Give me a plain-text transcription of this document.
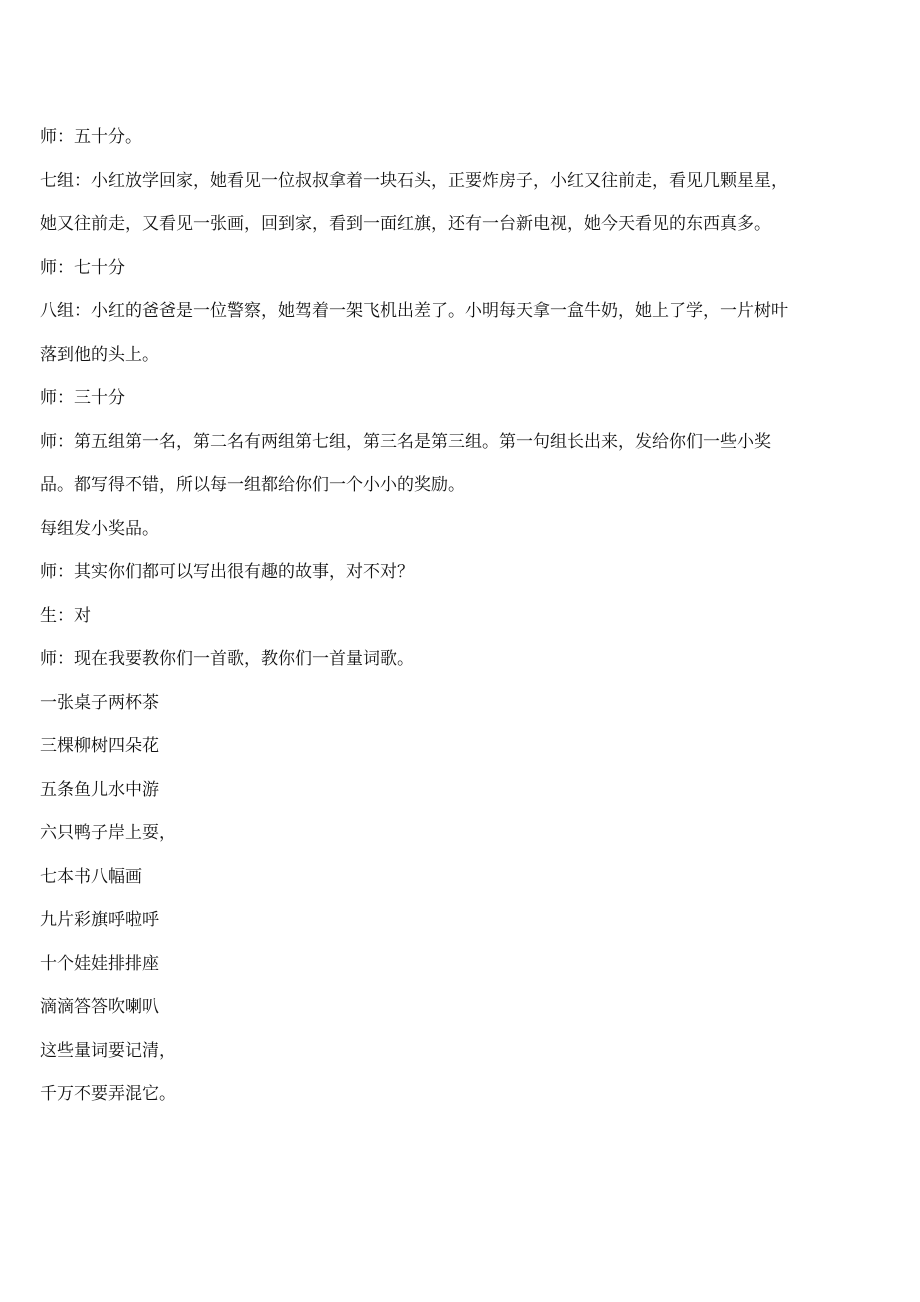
师：五十分。

七组：小红放学回家，她看见一位叔叔拿着一块石头，正要炸房子，小红又往前走，看见几颗星星，她又往前走，又看见一张画，回到家，看到一面红旗，还有一台新电视，她今天看见的东西真多。

师：七十分

八组：小红的爸爸是一位警察，她驾着一架飞机出差了。小明每天拿一盒牛奶，她上了学，一片树叶落到他的头上。

师：三十分

师：第五组第一名，第二名有两组第七组，第三名是第三组。第一句组长出来，发给你们一些小奖品。都写得不错，所以每一组都给你们一个小小的奖励。

每组发小奖品。

师：其实你们都可以写出很有趣的故事，对不对？

生：对

师：现在我要教你们一首歌，教你们一首量词歌。

一张桌子两杯茶

三棵柳树四朵花

五条鱼儿水中游

六只鸭子岸上耍，

七本书八幅画

九片彩旗呼啦呼

十个娃娃排排座

滴滴答答吹喇叭

这些量词要记清，

千万不要弄混它。
